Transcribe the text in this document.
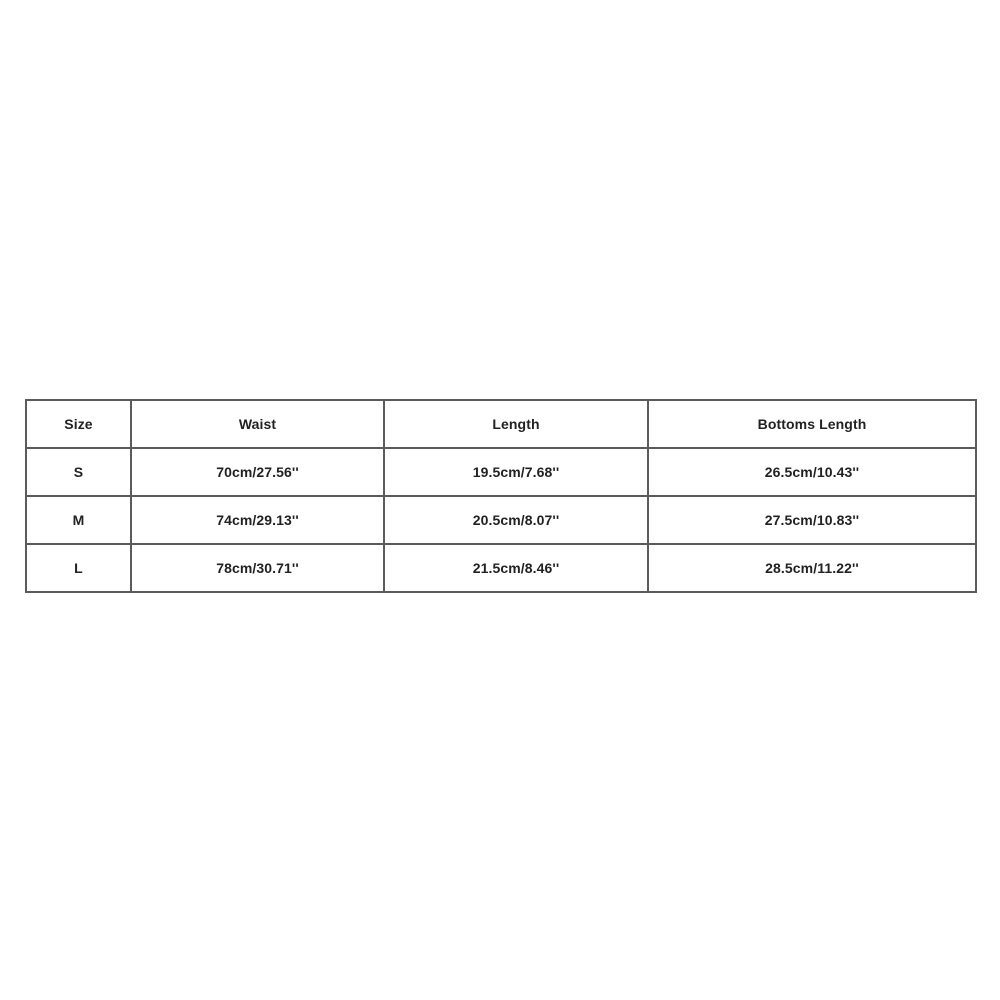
Size	Waist	Length	Bottoms Length
S	70cm/27.56''	19.5cm/7.68''	26.5cm/10.43''
M	74cm/29.13''	20.5cm/8.07''	27.5cm/10.83''
L	78cm/30.71''	21.5cm/8.46''	28.5cm/11.22''
